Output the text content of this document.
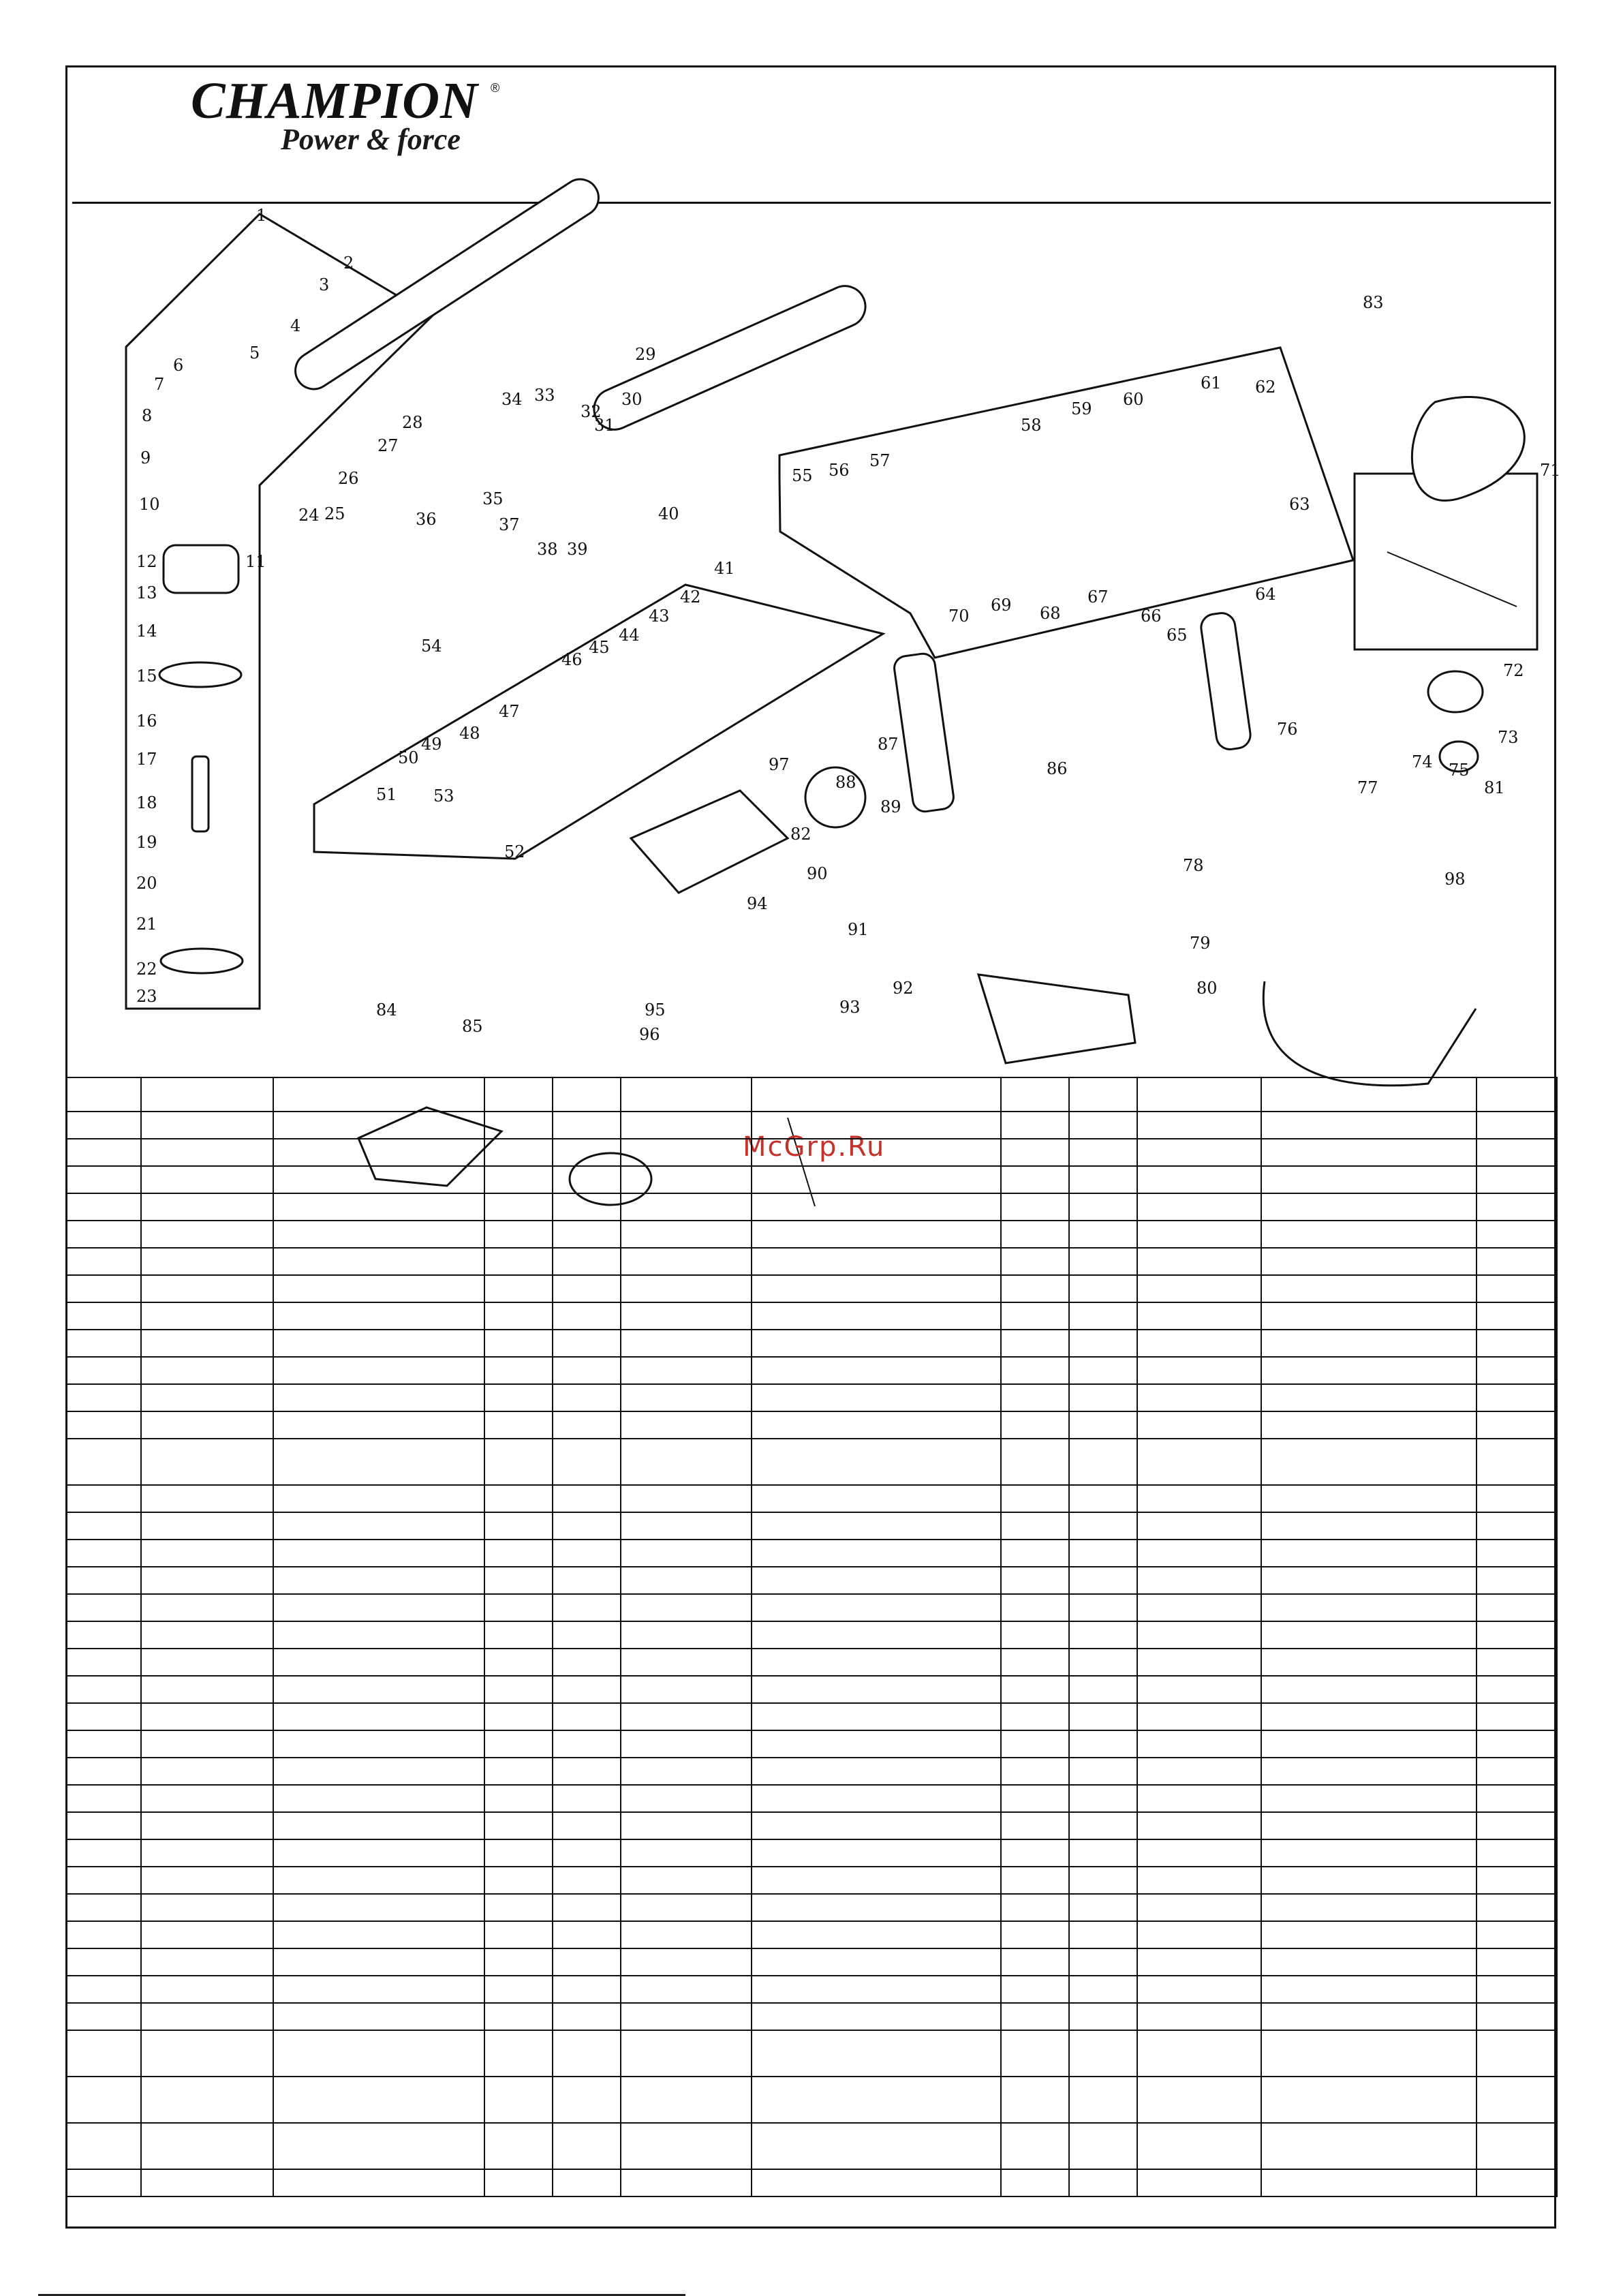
CHAMPION ®
Power & force
1
2
3
4
5
6
7
8
9
10
11
12
13
14
15
16
17
18
19
20
21
22
23
24 25
26
27
28
29
30
31
32
33
34
35
36	37
38 39
40
41
42
43
44
45
46
47
48
49
50
51
52
53
54
55 56 57
58
59 60
61 62
63
64
65
66
67
68
69
70
71
72
73
74 75
76
77
78
79
80
81
82
83
84
85
86
87
88
89
90
91
92
93
94
95
96
97
98
McGrp.Ru
